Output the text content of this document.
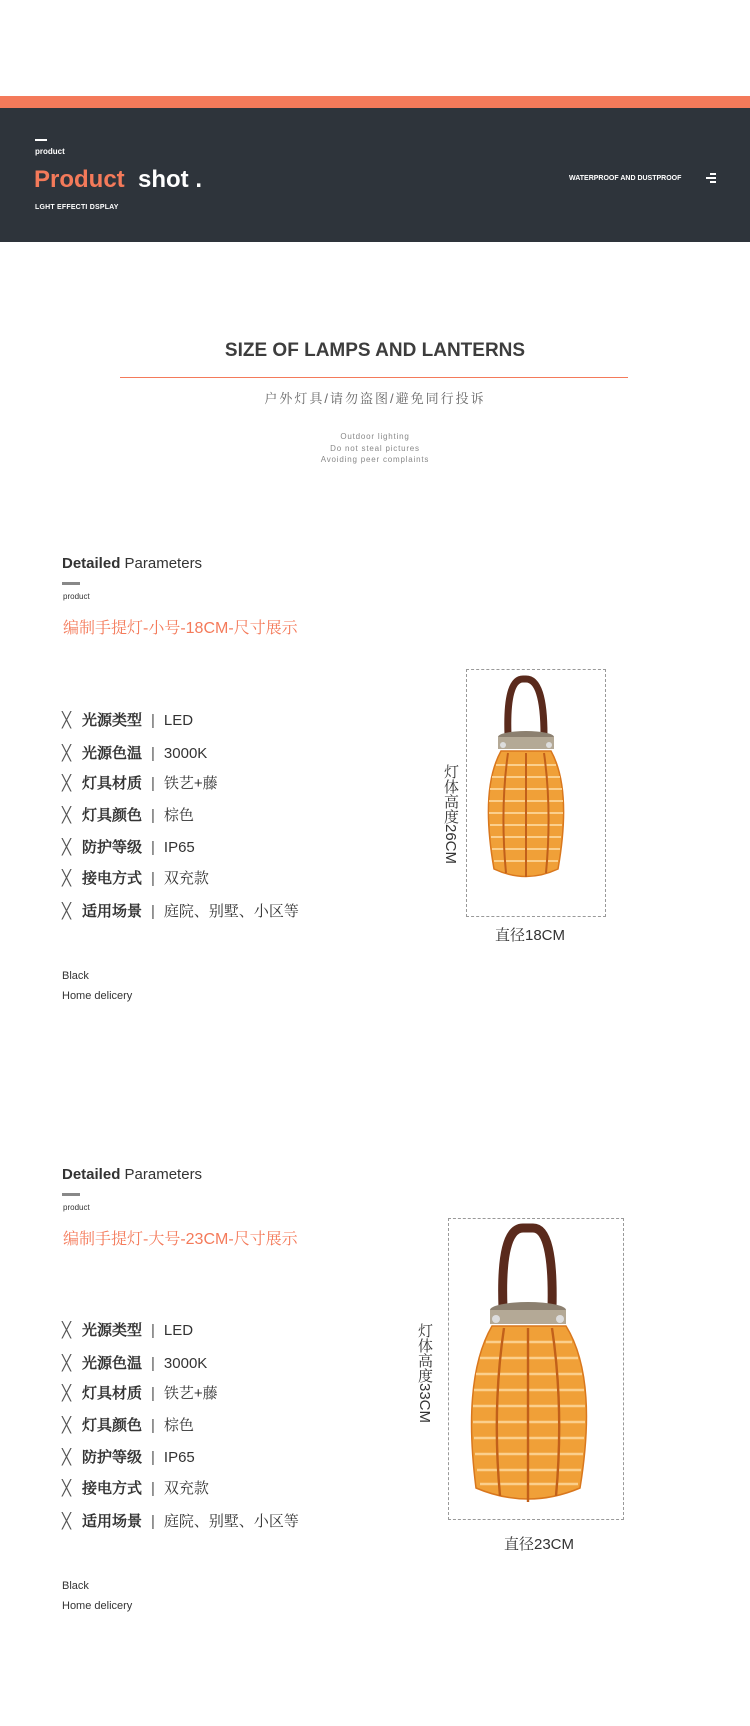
product
Product shot .
LGHT EFFECTI DSPLAY
WATERPROOF AND DUSTPROOF
SIZE OF LAMPS AND LANTERNS
户外灯具/请勿盗图/避免同行投诉
Outdoor lighting
Do not steal pictures
Avoiding peer complaints
Detailed Parameters
product
编制手提灯-小号-18CM-尺寸展示
╳ 光源类型 | LED
╳ 光源色温 | 3000K
╳ 灯具材质 | 铁艺+藤
╳ 灯具颜色 | 棕色
╳ 防护等级 | IP65
╳ 接电方式 | 双充款
╳ 适用场景 | 庭院、别墅、小区等
Black
Home delicery
灯体高度26CM
直径18CM
Detailed Parameters
product
编制手提灯-大号-23CM-尺寸展示
╳ 光源类型 | LED
╳ 光源色温 | 3000K
╳ 灯具材质 | 铁艺+藤
╳ 灯具颜色 | 棕色
╳ 防护等级 | IP65
╳ 接电方式 | 双充款
╳ 适用场景 | 庭院、别墅、小区等
Black
Home delicery
灯体高度33CM
直径23CM
